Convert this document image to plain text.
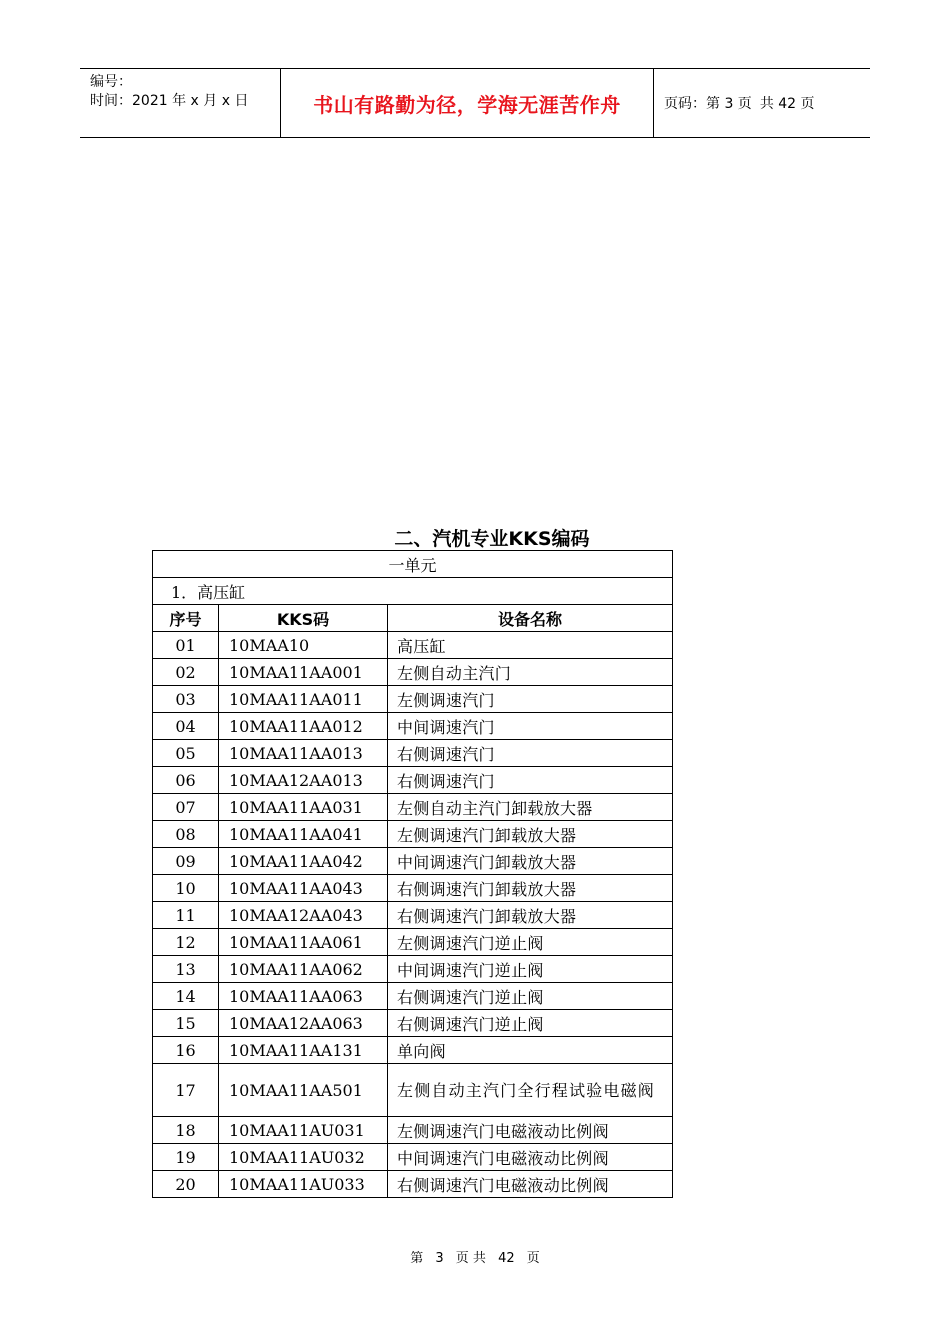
编号：
时间：2021 年 x 月 x 日	书山有路勤为径，学海无涯苦作舟	页码：第 3 页 共 42 页
二、汽机专业KKS编码
一单元		
1．高压缸		
序号	KKS码	设备名称
01	10MAA10	高压缸
02	10MAA11AA001	左侧自动主汽门
03	10MAA11AA011	左侧调速汽门
04	10MAA11AA012	中间调速汽门
05	10MAA11AA013	右侧调速汽门
06	10MAA12AA013	右侧调速汽门
07	10MAA11AA031	左侧自动主汽门卸载放大器
08	10MAA11AA041	左侧调速汽门卸载放大器
09	10MAA11AA042	中间调速汽门卸载放大器
10	10MAA11AA043	右侧调速汽门卸载放大器
11	10MAA12AA043	右侧调速汽门卸载放大器
12	10MAA11AA061	左侧调速汽门逆止阀
13	10MAA11AA062	中间调速汽门逆止阀
14	10MAA11AA063	右侧调速汽门逆止阀
15	10MAA12AA063	右侧调速汽门逆止阀
16	10MAA11AA131	单向阀
17	10MAA11AA501	左侧自动主汽门全行程试验电磁阀
18	10MAA11AU031	左侧调速汽门电磁液动比例阀
19	10MAA11AU032	中间调速汽门电磁液动比例阀
20	10MAA11AU033	右侧调速汽门电磁液动比例阀
第 3 页 共 42 页
